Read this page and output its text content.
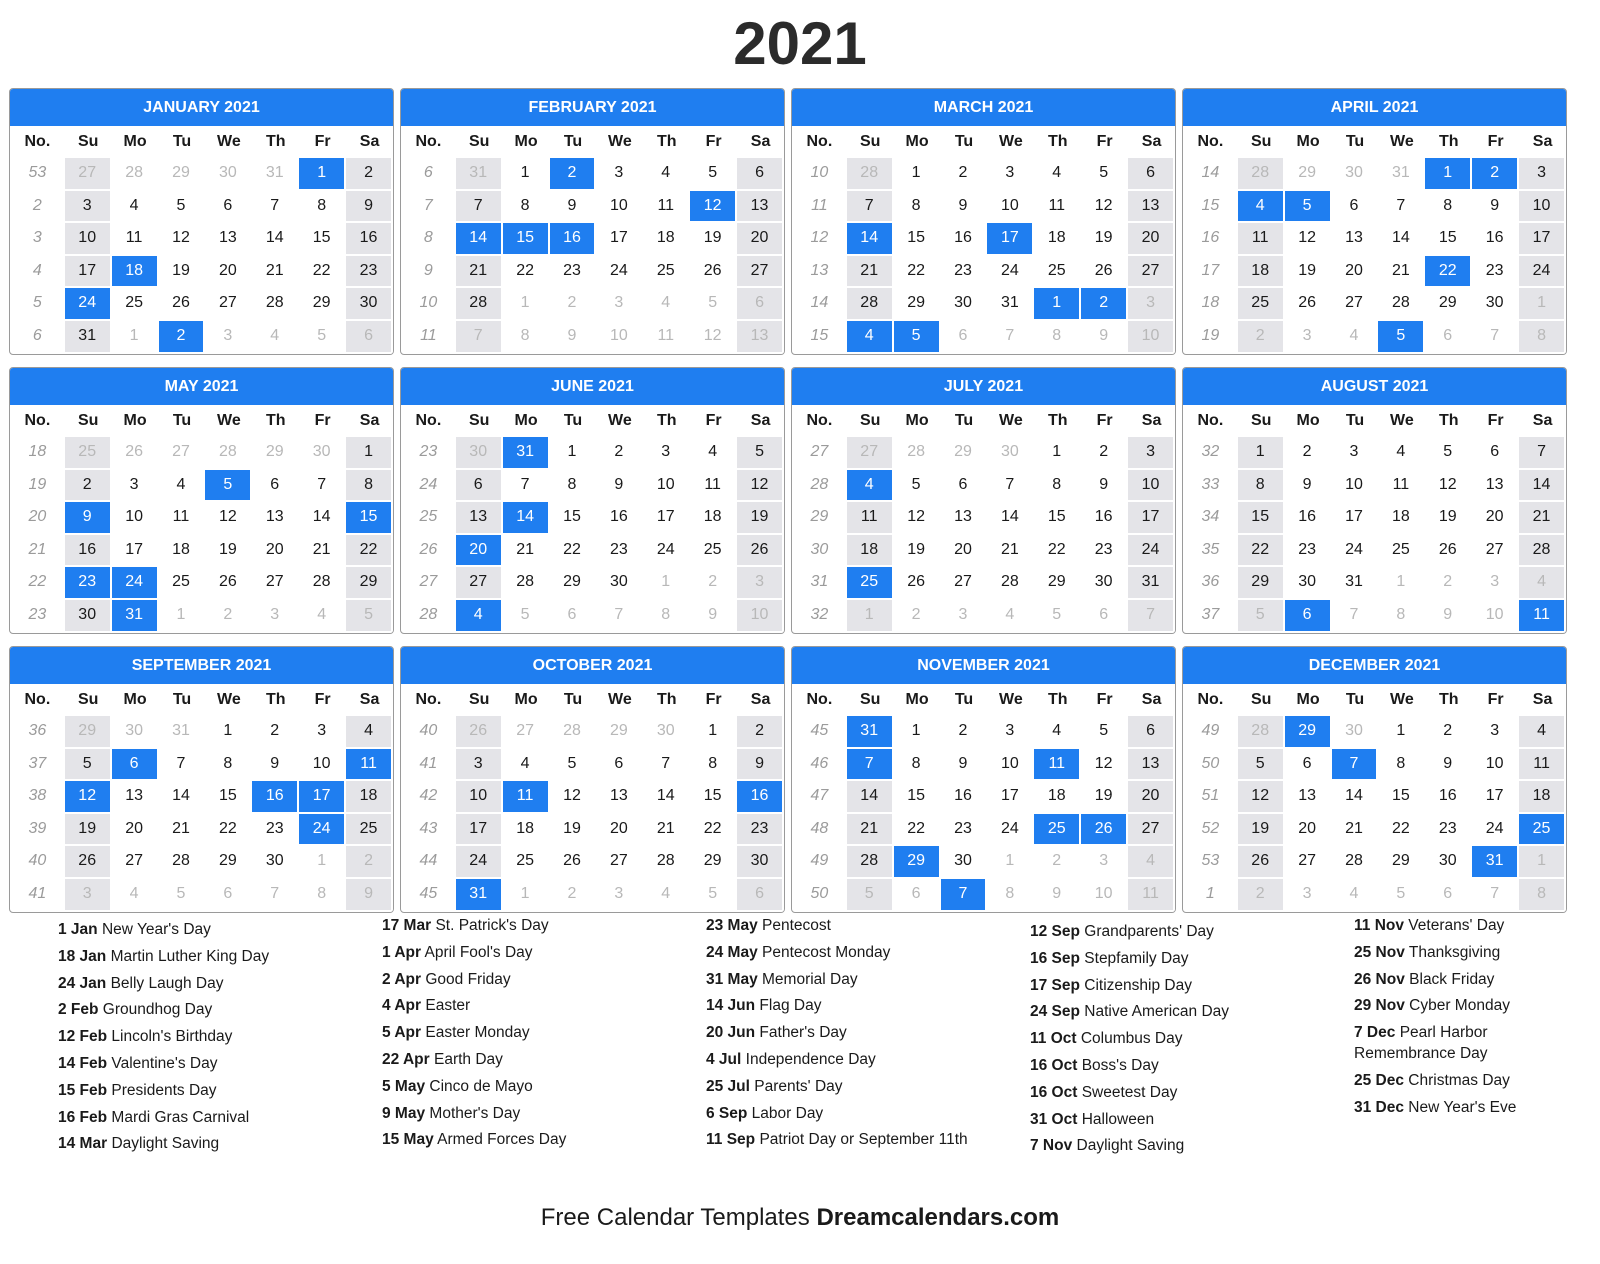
2021
JANUARY 2021
No.	Su	Mo	Tu	We	Th	Fr	Sa
53	27	28	29	30	31	1	2
2	3	4	5	6	7	8	9
3	10	11	12	13	14	15	16
4	17	18	19	20	21	22	23
5	24	25	26	27	28	29	30
6	31	1	2	3	4	5	6
FEBRUARY 2021
No.	Su	Mo	Tu	We	Th	Fr	Sa
6	31	1	2	3	4	5	6
7	7	8	9	10	11	12	13
8	14	15	16	17	18	19	20
9	21	22	23	24	25	26	27
10	28	1	2	3	4	5	6
11	7	8	9	10	11	12	13
MARCH 2021
No.	Su	Mo	Tu	We	Th	Fr	Sa
10	28	1	2	3	4	5	6
11	7	8	9	10	11	12	13
12	14	15	16	17	18	19	20
13	21	22	23	24	25	26	27
14	28	29	30	31	1	2	3
15	4	5	6	7	8	9	10
APRIL 2021
No.	Su	Mo	Tu	We	Th	Fr	Sa
14	28	29	30	31	1	2	3
15	4	5	6	7	8	9	10
16	11	12	13	14	15	16	17
17	18	19	20	21	22	23	24
18	25	26	27	28	29	30	1
19	2	3	4	5	6	7	8
MAY 2021
No.	Su	Mo	Tu	We	Th	Fr	Sa
18	25	26	27	28	29	30	1
19	2	3	4	5	6	7	8
20	9	10	11	12	13	14	15
21	16	17	18	19	20	21	22
22	23	24	25	26	27	28	29
23	30	31	1	2	3	4	5
JUNE 2021
No.	Su	Mo	Tu	We	Th	Fr	Sa
23	30	31	1	2	3	4	5
24	6	7	8	9	10	11	12
25	13	14	15	16	17	18	19
26	20	21	22	23	24	25	26
27	27	28	29	30	1	2	3
28	4	5	6	7	8	9	10
JULY 2021
No.	Su	Mo	Tu	We	Th	Fr	Sa
27	27	28	29	30	1	2	3
28	4	5	6	7	8	9	10
29	11	12	13	14	15	16	17
30	18	19	20	21	22	23	24
31	25	26	27	28	29	30	31
32	1	2	3	4	5	6	7
AUGUST 2021
No.	Su	Mo	Tu	We	Th	Fr	Sa
32	1	2	3	4	5	6	7
33	8	9	10	11	12	13	14
34	15	16	17	18	19	20	21
35	22	23	24	25	26	27	28
36	29	30	31	1	2	3	4
37	5	6	7	8	9	10	11
SEPTEMBER 2021
No.	Su	Mo	Tu	We	Th	Fr	Sa
36	29	30	31	1	2	3	4
37	5	6	7	8	9	10	11
38	12	13	14	15	16	17	18
39	19	20	21	22	23	24	25
40	26	27	28	29	30	1	2
41	3	4	5	6	7	8	9
OCTOBER 2021
No.	Su	Mo	Tu	We	Th	Fr	Sa
40	26	27	28	29	30	1	2
41	3	4	5	6	7	8	9
42	10	11	12	13	14	15	16
43	17	18	19	20	21	22	23
44	24	25	26	27	28	29	30
45	31	1	2	3	4	5	6
NOVEMBER 2021
No.	Su	Mo	Tu	We	Th	Fr	Sa
45	31	1	2	3	4	5	6
46	7	8	9	10	11	12	13
47	14	15	16	17	18	19	20
48	21	22	23	24	25	26	27
49	28	29	30	1	2	3	4
50	5	6	7	8	9	10	11
DECEMBER 2021
No.	Su	Mo	Tu	We	Th	Fr	Sa
49	28	29	30	1	2	3	4
50	5	6	7	8	9	10	11
51	12	13	14	15	16	17	18
52	19	20	21	22	23	24	25
53	26	27	28	29	30	31	1
1	2	3	4	5	6	7	8
1 Jan New Year's Day
18 Jan Martin Luther King Day
24 Jan Belly Laugh Day
2 Feb Groundhog Day
12 Feb Lincoln's Birthday
14 Feb Valentine's Day
15 Feb Presidents Day
16 Feb Mardi Gras Carnival
14 Mar Daylight Saving
17 Mar St. Patrick's Day
1 Apr April Fool's Day
2 Apr Good Friday
4 Apr Easter
5 Apr Easter Monday
22 Apr Earth Day
5 May Cinco de Mayo
9 May Mother's Day
15 May Armed Forces Day
23 May Pentecost
24 May Pentecost Monday
31 May Memorial Day
14 Jun Flag Day
20 Jun Father's Day
4 Jul Independence Day
25 Jul Parents' Day
6 Sep Labor Day
11 Sep Patriot Day or September 11th
12 Sep Grandparents' Day
16 Sep Stepfamily Day
17 Sep Citizenship Day
24 Sep Native American Day
11 Oct Columbus Day
16 Oct Boss's Day
16 Oct Sweetest Day
31 Oct Halloween
7 Nov Daylight Saving
11 Nov Veterans' Day
25 Nov Thanksgiving
26 Nov Black Friday
29 Nov Cyber Monday
7 Dec Pearl Harbor Remembrance Day
25 Dec Christmas Day
31 Dec New Year's Eve
Free Calendar Templates Dreamcalendars.com
